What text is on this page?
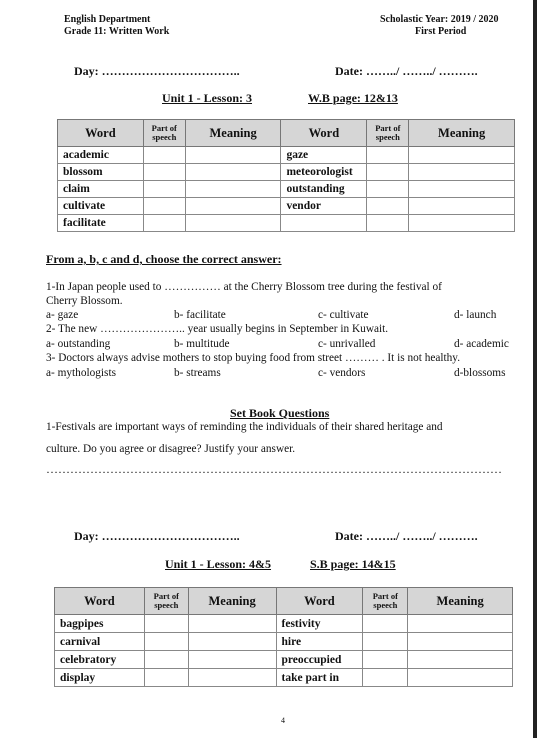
English Department
Grade 11: Written Work
Scholastic Year: 2019 / 2020
First Period
Day: ……………………………..	Date: ……../ ……../ ……….
Unit 1 - Lesson: 3	W.B page: 12&13
Word	Part of speech	Meaning	Word	Part of speech	Meaning
academic			gaze		
blossom			meteorologist		
claim			outstanding		
cultivate			vendor		
facilitate					
From a, b, c and d, choose the correct answer:
1-In Japan people used to …………… at the Cherry Blossom tree during the festival of
Cherry Blossom.
a- gaze	b- facilitate	c- cultivate	d- launch
2- The new ………………….. year usually begins in September in Kuwait.
a- outstanding	b- multitude	c- unrivalled	d- academic
3- Doctors always advise mothers to stop buying food from street ……… . It is not healthy.
a- mythologists	b- streams	c- vendors	d-blossoms
Set Book Questions
1-Festivals are important ways of reminding the individuals of their shared heritage and
culture. Do you agree or disagree? Justify your answer.
……………………………………………………………………………………………………
Day: ……………………………..	Date: ……../ ……../ ……….
Unit 1 - Lesson: 4&5	S.B page: 14&15
Word	Part of speech	Meaning	Word	Part of speech	Meaning
bagpipes			festivity		
carnival			hire		
celebratory			preoccupied		
display			take part in		
4
